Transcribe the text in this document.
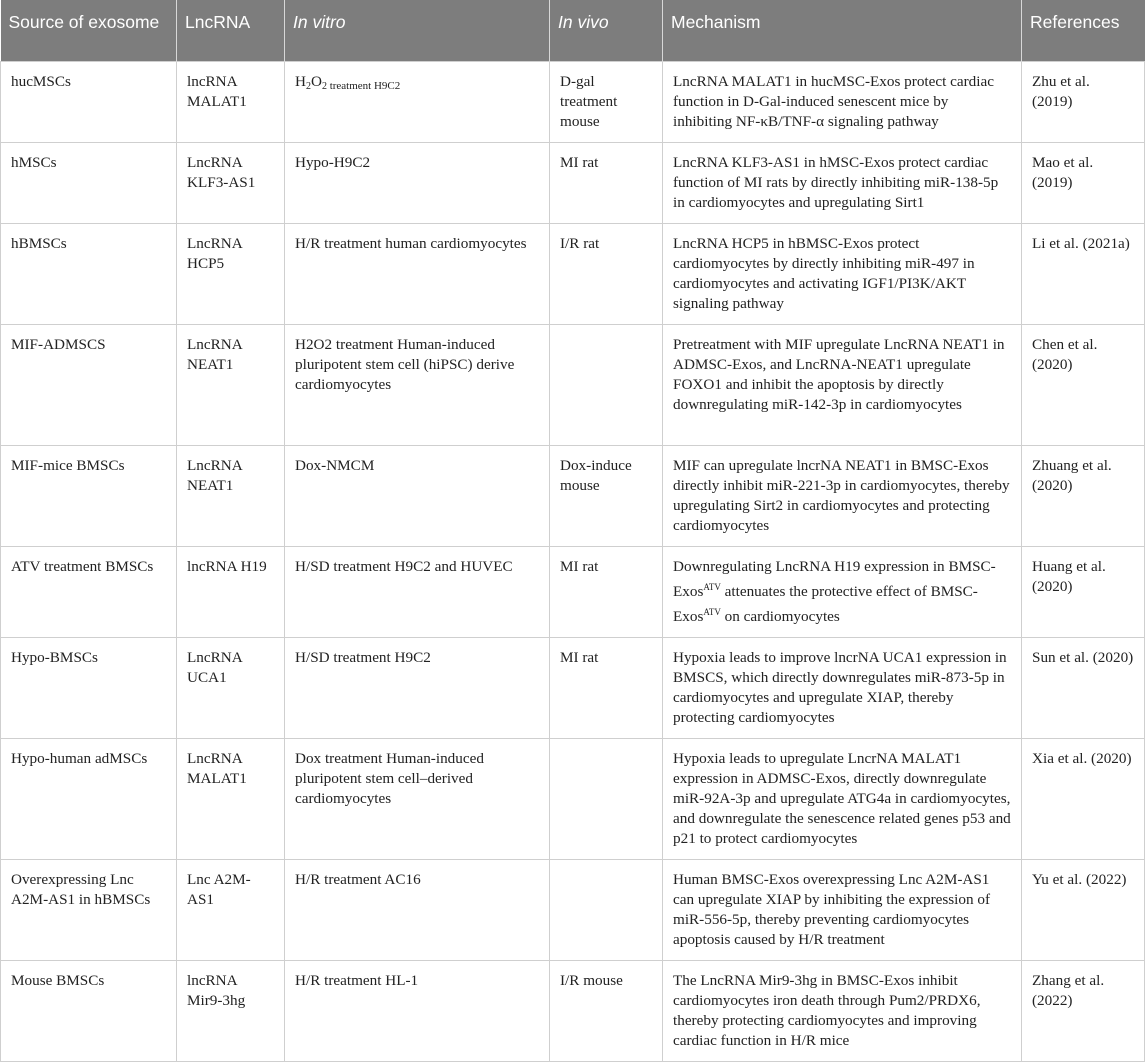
Source of exosome	LncRNA	In vitro	In vivo	Mechanism	References
hucMSCs	lncRNA MALAT1	$H_2O_2$ $_{treatment H9C2}$	D-gal treatment mouse	LncRNA MALAT1 in hucMSC-Exos protect cardiac function in D-Gal-induced senescent mice by inhibiting NF-κB/TNF-α signaling pathway	Zhu et al. (2019)
hMSCs	LncRNA KLF3-AS1	Hypo-H9C2	MI rat	LncRNA KLF3-AS1 in hMSC-Exos protect cardiac function of MI rats by directly inhibiting miR-138-5p in cardiomyocytes and upregulating Sirt1	Mao et al. (2019)
hBMSCs	LncRNA HCP5	H/R treatment human cardiomyocytes	I/R rat	LncRNA HCP5 in hBMSC-Exos protect cardiomyocytes by directly inhibiting miR-497 in cardiomyocytes and activating IGF1/PI3K/AKT signaling pathway	Li et al. (2021a)
MIF-ADMSCS	LncRNA NEAT1	H2O2 treatment Human-induced pluripotent stem cell (hiPSC) derive cardiomyocytes		Pretreatment with MIF upregulate LncRNA NEAT1 in ADMSC-Exos, and LncRNA-NEAT1 upregulate FOXO1 and inhibit the apoptosis by directly downregulating miR-142-3p in cardiomyocytes	Chen et al. (2020)
MIF-mice BMSCs	LncRNA NEAT1	Dox-NMCM	Dox-induce mouse	MIF can upregulate lncrNA NEAT1 in BMSC-Exos directly inhibit miR-221-3p in cardiomyocytes, thereby upregulating Sirt2 in cardiomyocytes and protecting cardiomyocytes	Zhuang et al. (2020)
ATV treatment BMSCs	lncRNA H19	H/SD treatment H9C2 and HUVEC	MI rat	Downregulating LncRNA H19 expression in BMSC-Exos$^{ATV}$ attenuates the protective effect of BMSC-Exos$^{ATV}$ on cardiomyocytes	Huang et al. (2020)
Hypo-BMSCs	LncRNA UCA1	H/SD treatment H9C2	MI rat	Hypoxia leads to improve lncrNA UCA1 expression in BMSCS, which directly downregulates miR-873-5p in cardiomyocytes and upregulate XIAP, thereby protecting cardiomyocytes	Sun et al. (2020)
Hypo-human adMSCs	LncRNA MALAT1	Dox treatment Human-induced pluripotent stem cell–derived cardiomyocytes		Hypoxia leads to upregulate LncrNA MALAT1 expression in ADMSC-Exos, directly downregulate miR-92A-3p and upregulate ATG4a in cardiomyocytes, and downregulate the senescence related genes p53 and p21 to protect cardiomyocytes	Xia et al. (2020)
Overexpressing Lnc A2M-AS1 in hBMSCs	Lnc A2M-AS1	H/R treatment AC16		Human BMSC-Exos overexpressing Lnc A2M-AS1 can upregulate XIAP by inhibiting the expression of miR-556-5p, thereby preventing cardiomyocytes apoptosis caused by H/R treatment	Yu et al. (2022)
Mouse BMSCs	lncRNA Mir9-3hg	H/R treatment HL-1	I/R mouse	The LncRNA Mir9-3hg in BMSC-Exos inhibit cardiomyocytes iron death through Pum2/PRDX6, thereby protecting cardiomyocytes and improving cardiac function in H/R mice	Zhang et al. (2022)
